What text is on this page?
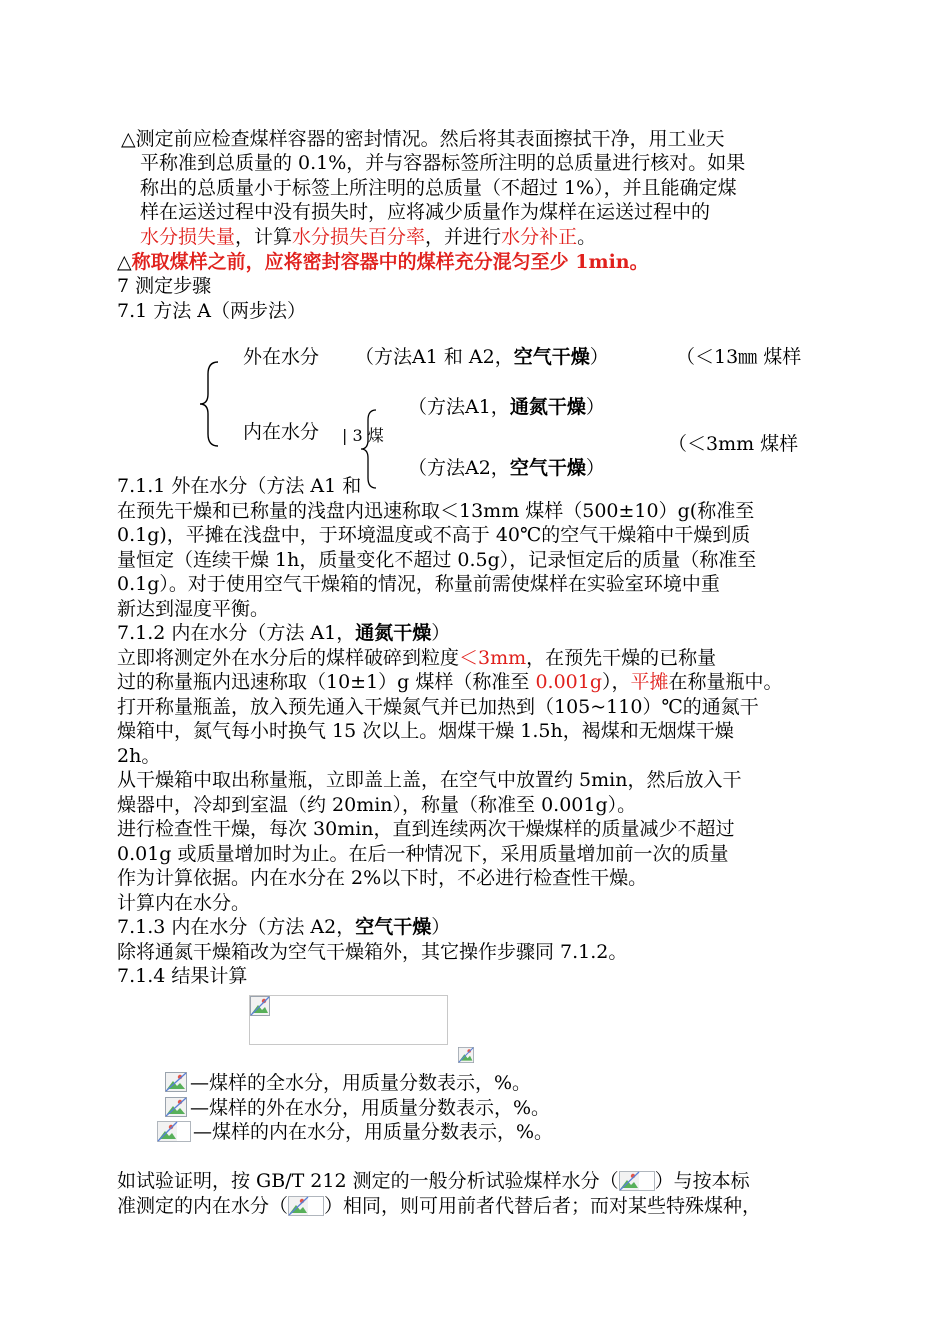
△测定前应检查煤样容器的密封情况。然后将其表面擦拭干净，用工业天
平称准到总质量的 0.1%，并与容器标签所注明的总质量进行核对。如果
称出的总质量小于标签上所注明的总质量（不超过 1%），并且能确定煤
样在运送过程中没有损失时，应将减少质量作为煤样在运送过程中的
水分损失量，计算水分损失百分率，并进行水分补正。
△称取煤样之前，应将密封容器中的煤样充分混匀至少 1min。
7 测定步骤
7.1 方法 A（两步法）
外在水分 （方法A1 和 A2，空气干燥）	（＜13㎜ 煤样
内在水分 | 3 煤
（方法A1，通氮干燥）
（＜3mm 煤样
（方法A2，空气干燥）
7.1.1 外在水分（方法 A1 和
在预先干燥和已称量的浅盘内迅速称取＜13mm 煤样（500±10）g(称准至
0.1g)，平摊在浅盘中，于环境温度或不高于 40℃的空气干燥箱中干燥到质
量恒定（连续干燥 1h，质量变化不超过 0.5g），记录恒定后的质量（称准至
0.1g）。对于使用空气干燥箱的情况，称量前需使煤样在实验室环境中重
新达到湿度平衡。
7.1.2 内在水分（方法 A1，通氮干燥）
立即将测定外在水分后的煤样破碎到粒度＜3mm，在预先干燥的已称量
过的称量瓶内迅速称取（10±1）g 煤样（称准至 0.001g），平摊在称量瓶中。
打开称量瓶盖，放入预先通入干燥氮气并已加热到（105~110）℃的通氮干
燥箱中，氮气每小时换气 15 次以上。烟煤干燥 1.5h，褐煤和无烟煤干燥
2h。
从干燥箱中取出称量瓶，立即盖上盖，在空气中放置约 5min，然后放入干
燥器中，冷却到室温（约 20min），称量（称准至 0.001g）。
进行检查性干燥，每次 30min，直到连续两次干燥煤样的质量减少不超过
0.01g 或质量增加时为止。在后一种情况下，采用质量增加前一次的质量
作为计算依据。内在水分在 2%以下时，不必进行检查性干燥。
计算内在水分。
7.1.3 内在水分（方法 A2，空气干燥）
除将通氮干燥箱改为空气干燥箱外，其它操作步骤同 7.1.2。
7.1.4 结果计算
—煤样的全水分，用质量分数表示，%。
—煤样的外在水分，用质量分数表示，%。
—煤样的内在水分，用质量分数表示，%。
如试验证明，按 GB/T 212 测定的一般分析试验煤样水分（ ）与按本标
准测定的内在水分（ ）相同，则可用前者代替后者；而对某些特殊煤种，
